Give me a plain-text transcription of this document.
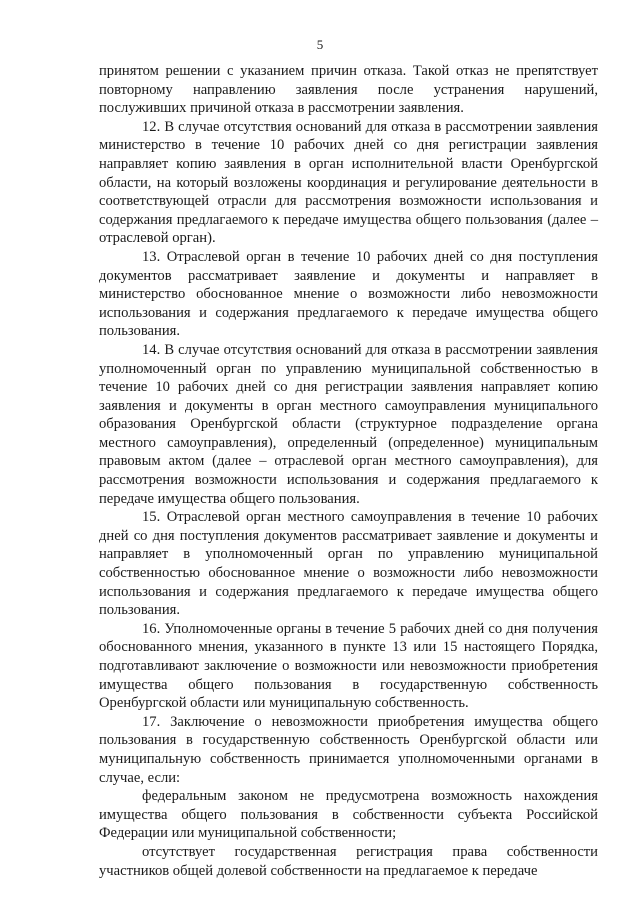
5

принятом решении с указанием причин отказа. Такой отказ не препятствует повторному направлению заявления после устранения нарушений, послуживших причиной отказа в рассмотрении заявления.

12. В случае отсутствия оснований для отказа в рассмотрении заявления министерство в течение 10 рабочих дней со дня регистрации заявления направляет копию заявления в орган исполнительной власти Оренбургской области, на который возложены координация и регулирование деятельности в соответствующей отрасли для рассмотрения возможности использования и содержания предлагаемого к передаче имущества общего пользования (далее – отраслевой орган).

13. Отраслевой орган в течение 10 рабочих дней со дня поступления документов рассматривает заявление и документы и направляет в министерство обоснованное мнение о возможности либо невозможности использования и содержания предлагаемого к передаче имущества общего пользования.

14. В случае отсутствия оснований для отказа в рассмотрении заявления уполномоченный орган по управлению муниципальной собственностью в течение 10 рабочих дней со дня регистрации заявления направляет копию заявления и документы в орган местного самоуправления муниципального образования Оренбургской области (структурное подразделение органа местного самоуправления), определенный (определенное) муниципальным правовым актом (далее – отраслевой орган местного самоуправления), для рассмотрения возможности использования и содержания предлагаемого к передаче имущества общего пользования.

15. Отраслевой орган местного самоуправления в течение 10 рабочих дней со дня поступления документов рассматривает заявление и документы и направляет в уполномоченный орган по управлению муниципальной собственностью обоснованное мнение о возможности либо невозможности использования и содержания предлагаемого к передаче имущества общего пользования.

16. Уполномоченные органы в течение 5 рабочих дней со дня получения обоснованного мнения, указанного в пункте 13 или 15 настоящего Порядка, подготавливают заключение о возможности или невозможности приобретения имущества общего пользования в государственную собственность Оренбургской области или муниципальную собственность.

17. Заключение о невозможности приобретения имущества общего пользования в государственную собственность Оренбургской области или муниципальную собственность принимается уполномоченными органами в случае, если:

федеральным законом не предусмотрена возможность нахождения имущества общего пользования в собственности субъекта Российской Федерации или муниципальной собственности;

отсутствует государственная регистрация права собственности участников общей долевой собственности на предлагаемое к передаче
